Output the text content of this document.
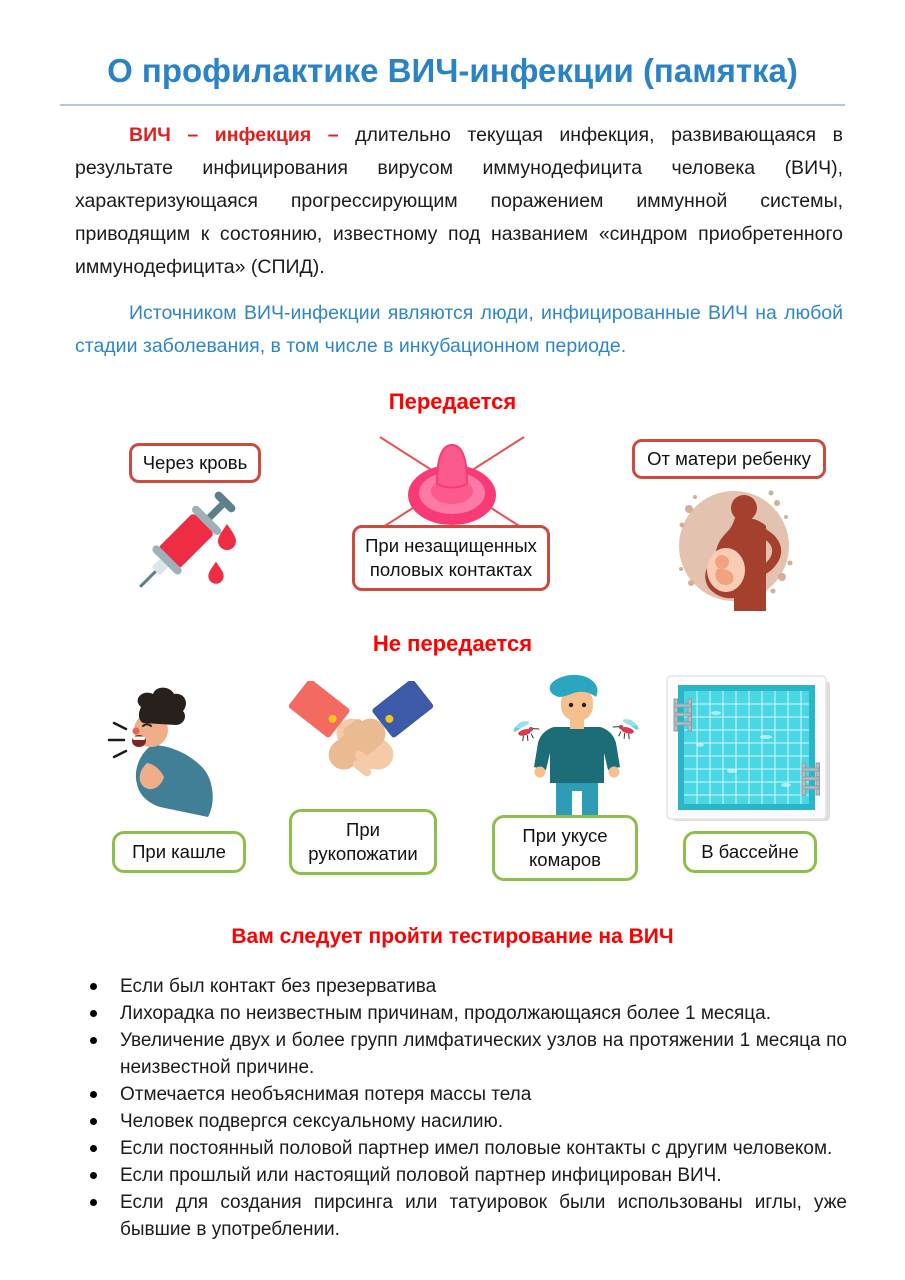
О профилактике ВИЧ-инфекции (памятка)

ВИЧ – инфекция – длительно текущая инфекция, развивающаяся в результате инфицирования вирусом иммунодефицита человека (ВИЧ), характеризующаяся прогрессирующим поражением иммунной системы, приводящим к состоянию, известному под названием «синдром приобретенного иммунодефицита» (СПИД).

Источником ВИЧ-инфекции являются люди, инфицированные ВИЧ на любой стадии заболевания, в том числе в инкубационном периоде.

Передается
Через кровь
При незащищенных половых контактах
От матери ребенку
Не передается
При кашле
При рукопожатии
При укусе комаров	В бассейне
Вам следует пройти тестирование на ВИЧ
Если был контакт без презерватива
Лихорадка по неизвестным причинам, продолжающаяся более 1 месяца.
Увеличение двух и более групп лимфатических узлов на протяжении 1 месяца по неизвестной причине.
Отмечается необъяснимая потеря массы тела
Человек подвергся сексуальному насилию.
Если постоянный половой партнер имел половые контакты с другим человеком.
Если прошлый или настоящий половой партнер инфицирован ВИЧ.
Если для создания пирсинга или татуировок были использованы иглы, уже бывшие в употреблении.
